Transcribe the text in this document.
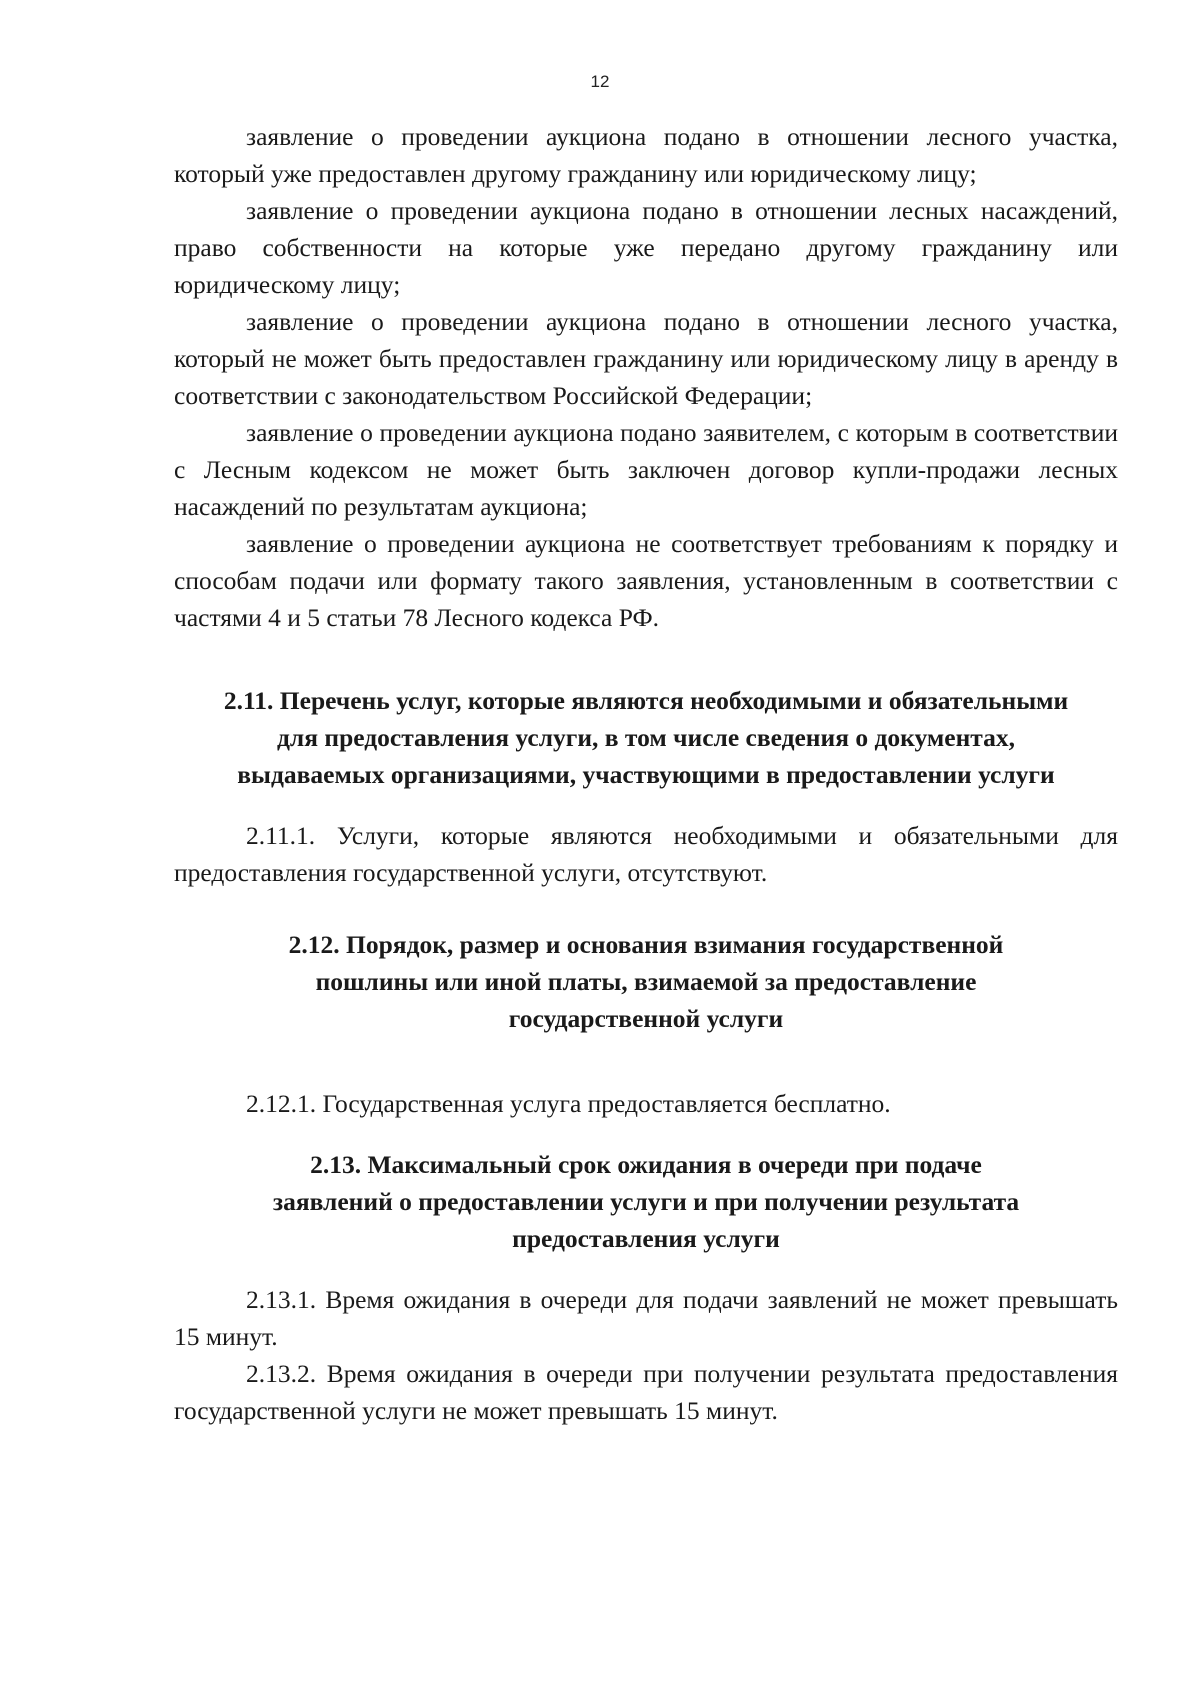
12

заявление о проведении аукциона подано в отношении лесного участка, который уже предоставлен другому гражданину или юридическому лицу;

заявление о проведении аукциона подано в отношении лесных насаждений, право собственности на которые уже передано другому гражданину или юридическому лицу;

заявление о проведении аукциона подано в отношении лесного участка, который не может быть предоставлен гражданину или юридическому лицу в аренду в соответствии с законодательством Российской Федерации;

заявление о проведении аукциона подано заявителем, с которым в соответствии с Лесным кодексом не может быть заключен договор купли-продажи лесных насаждений по результатам аукциона;

заявление о проведении аукциона не соответствует требованиям к порядку и способам подачи или формату такого заявления, установленным в соответствии с частями 4 и 5 статьи 78 Лесного кодекса РФ.

2.11. Перечень услуг, которые являются необходимыми и обязательными
для предоставления услуги, в том числе сведения о документах,
выдаваемых организациями, участвующими в предоставлении услуги

2.11.1. Услуги, которые являются необходимыми и обязательными для предоставления государственной услуги, отсутствуют.

2.12. Порядок, размер и основания взимания государственной
пошлины или иной платы, взимаемой за предоставление
государственной услуги

2.12.1. Государственная услуга предоставляется бесплатно.

2.13. Максимальный срок ожидания в очереди при подаче
заявлений о предоставлении услуги и при получении результата
предоставления услуги

2.13.1. Время ожидания в очереди для подачи заявлений не может превышать 15 минут.

2.13.2. Время ожидания в очереди при получении результата предоставления государственной услуги не может превышать 15 минут.
